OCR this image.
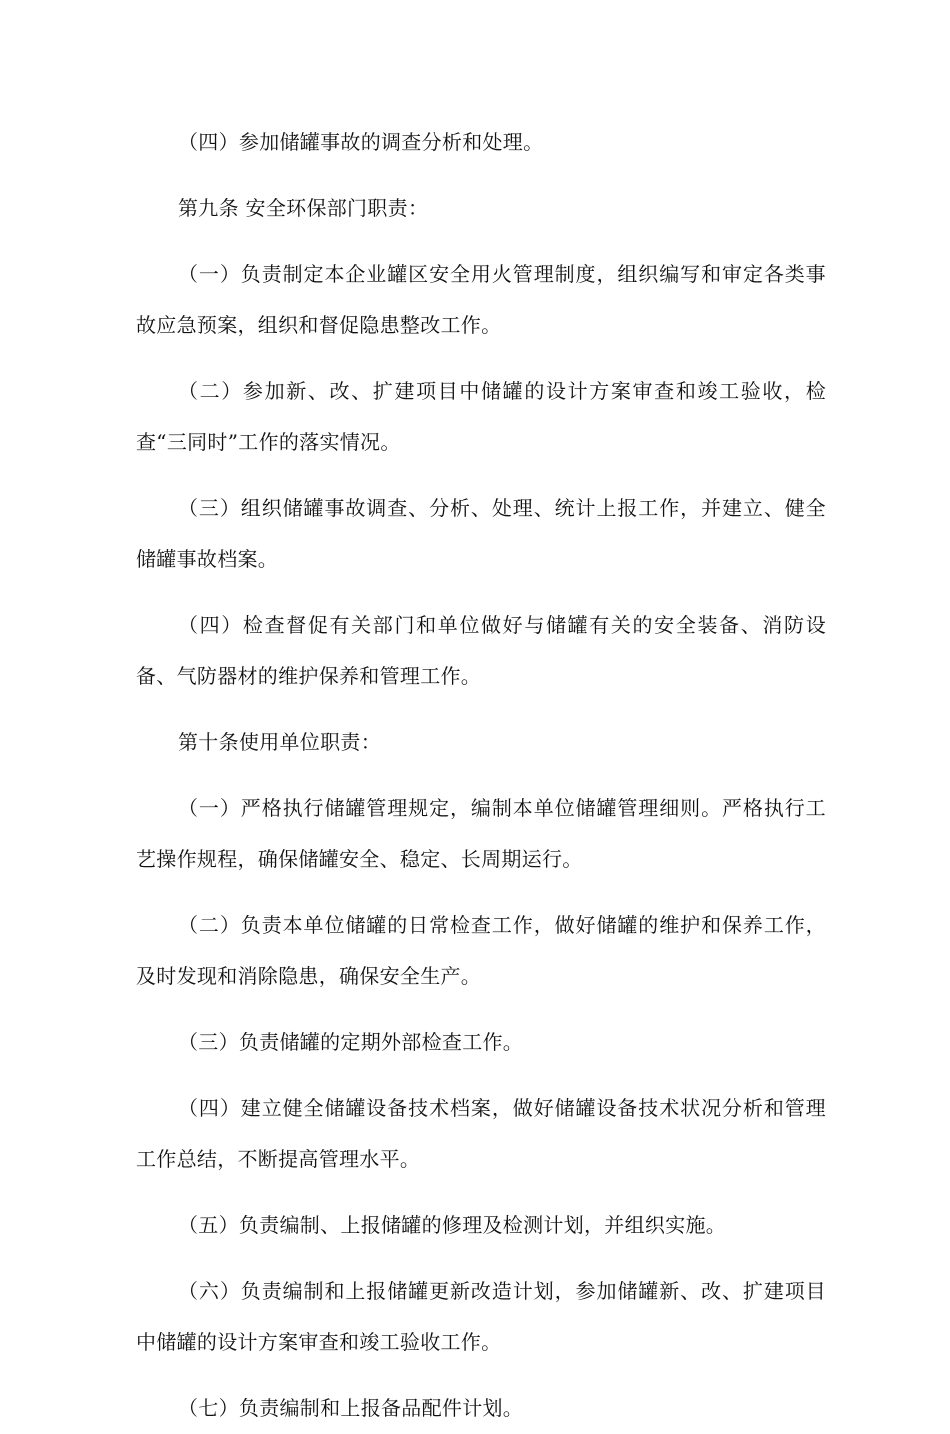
（四）参加储罐事故的调查分析和处理。

第九条 安全环保部门职责：

（一）负责制定本企业罐区安全用火管理制度，组织编写和审定各类事故应急预案，组织和督促隐患整改工作。

（二）参加新、改、扩建项目中储罐的设计方案审查和竣工验收，检查“三同时”工作的落实情况。

（三）组织储罐事故调查、分析、处理、统计上报工作，并建立、健全储罐事故档案。

（四）检查督促有关部门和单位做好与储罐有关的安全装备、消防设备、气防器材的维护保养和管理工作。

第十条使用单位职责：

（一）严格执行储罐管理规定，编制本单位储罐管理细则。严格执行工艺操作规程，确保储罐安全、稳定、长周期运行。

（二）负责本单位储罐的日常检查工作，做好储罐的维护和保养工作，及时发现和消除隐患，确保安全生产。

（三）负责储罐的定期外部检查工作。

（四）建立健全储罐设备技术档案，做好储罐设备技术状况分析和管理工作总结，不断提高管理水平。

（五）负责编制、上报储罐的修理及检测计划，并组织实施。

（六）负责编制和上报储罐更新改造计划，参加储罐新、改、扩建项目中储罐的设计方案审查和竣工验收工作。

（七）负责编制和上报备品配件计划。
